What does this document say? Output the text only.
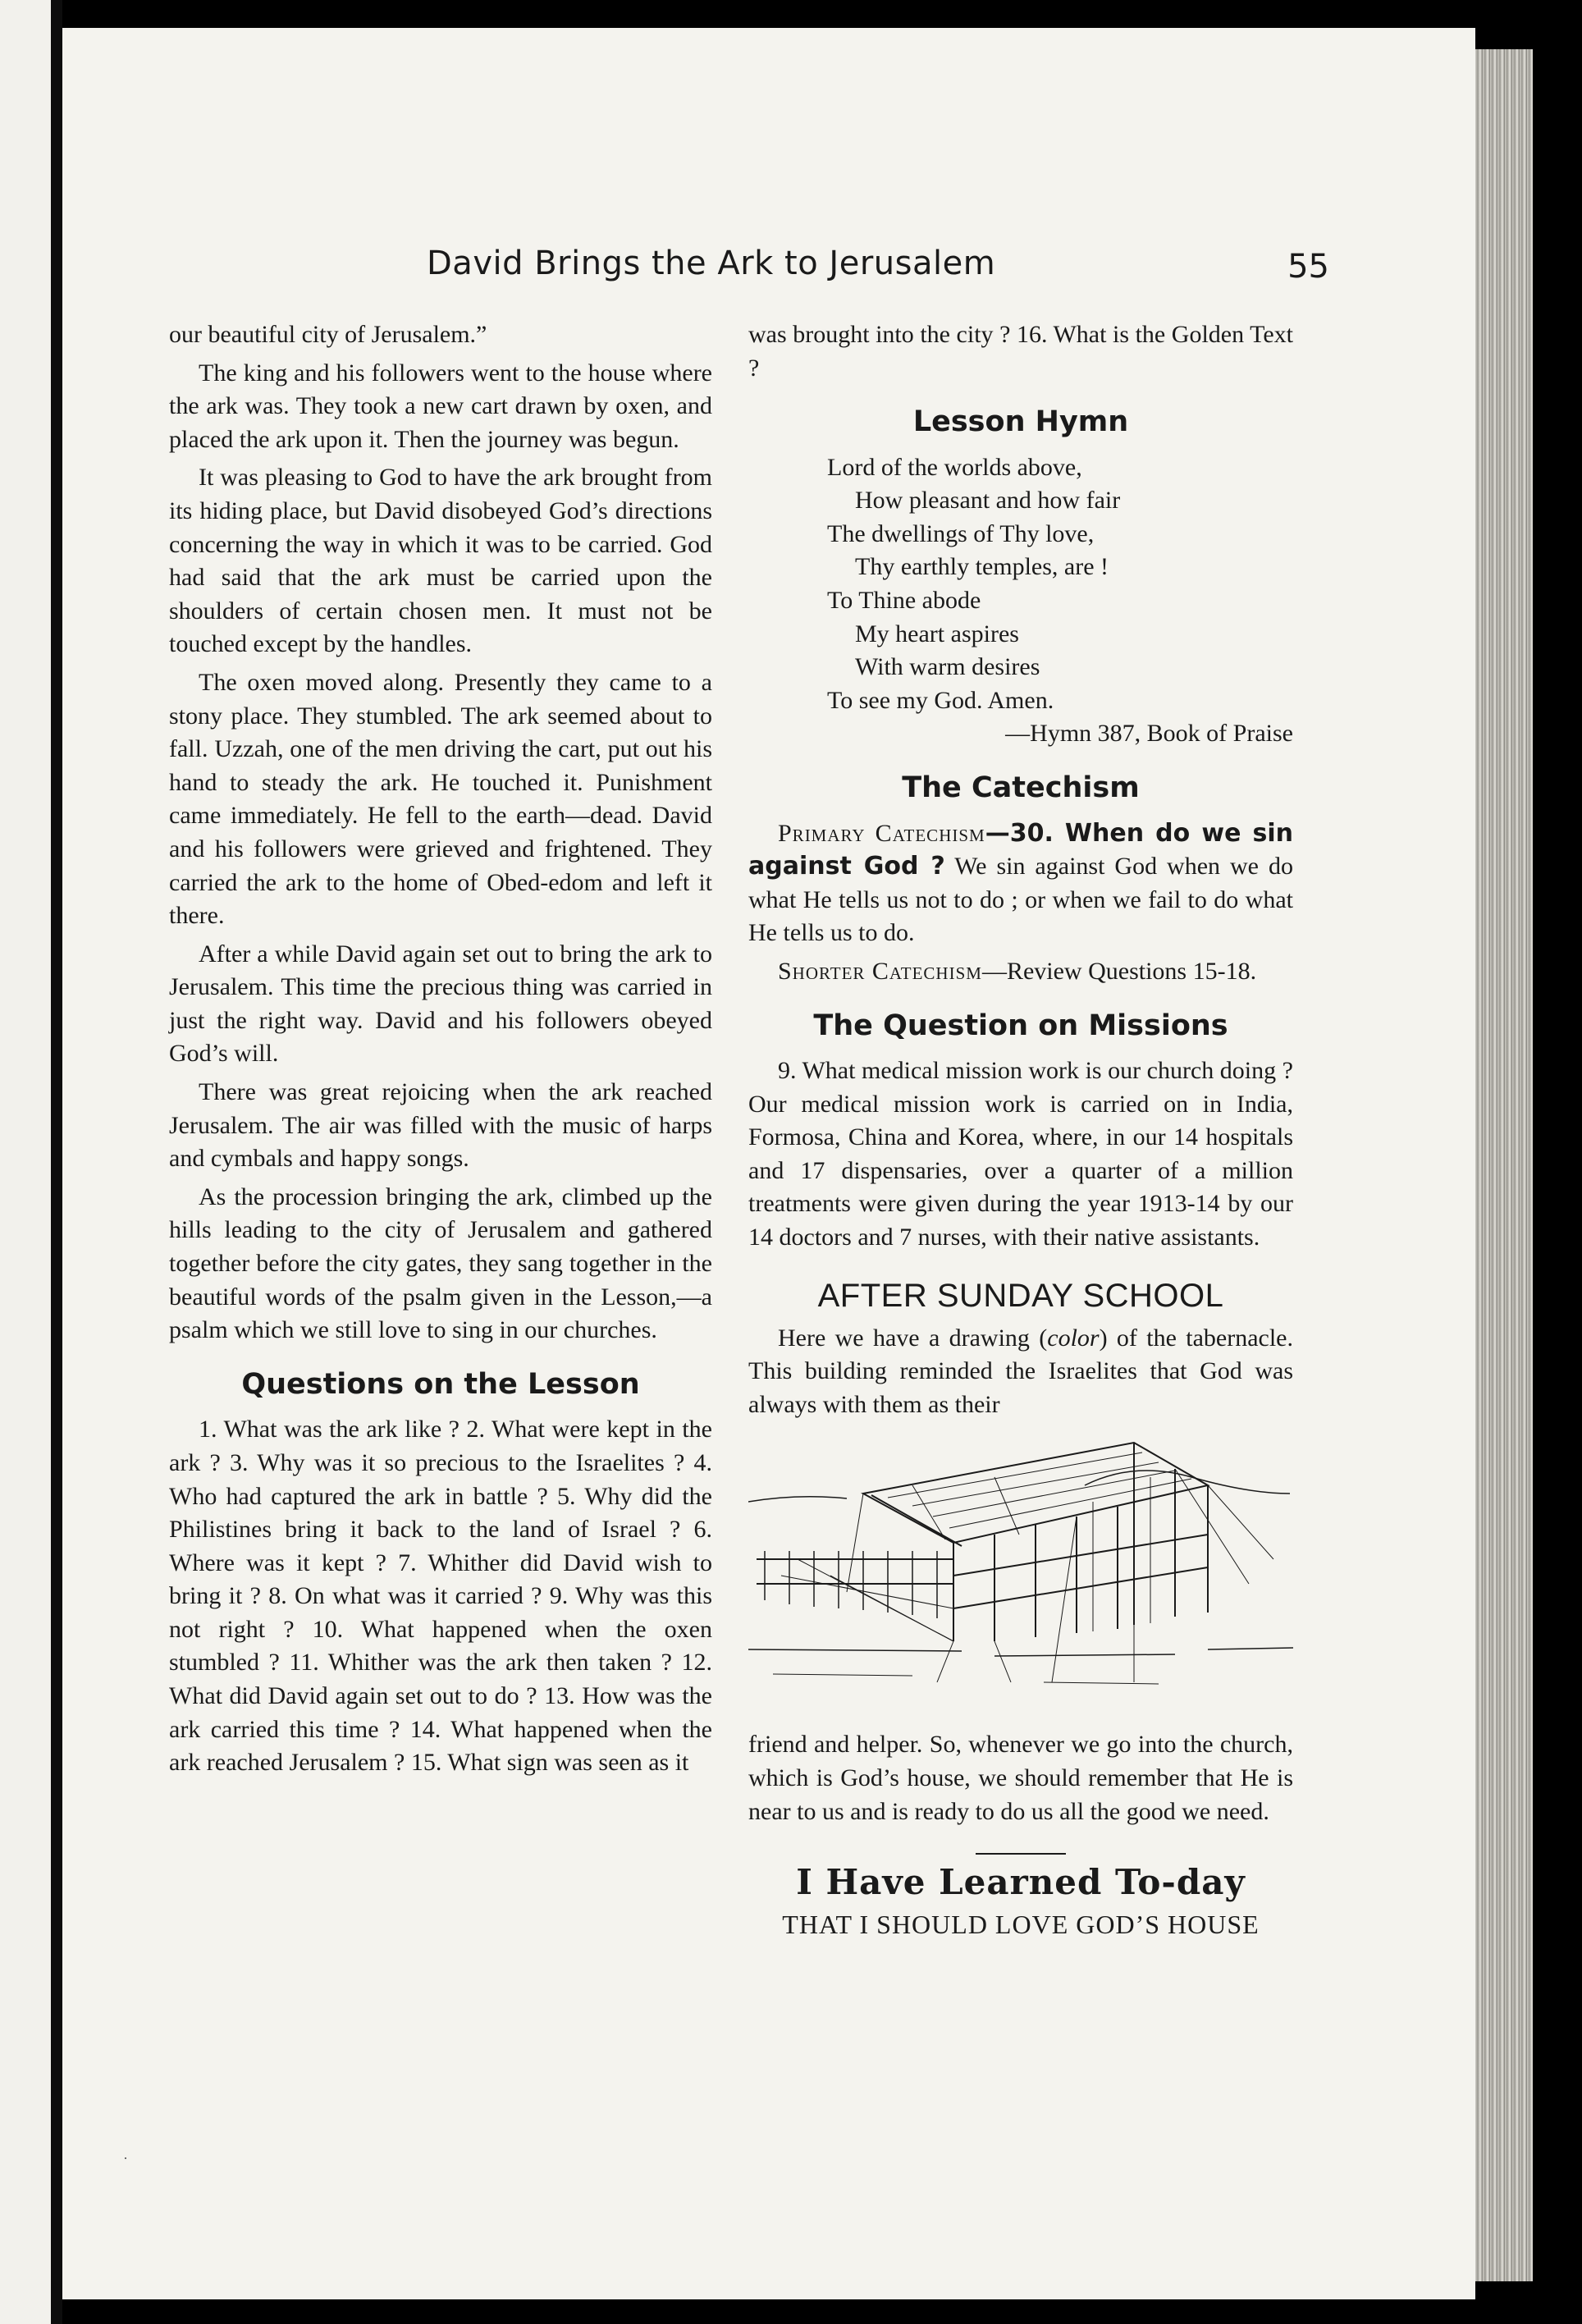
David Brings the Ark to Jerusalem	55

our beautiful city of Jerusalem.”

The king and his followers went to the house where the ark was. They took a new cart drawn by oxen, and placed the ark upon it. Then the journey was begun.

It was pleasing to God to have the ark brought from its hiding place, but David disobeyed God’s directions concerning the way in which it was to be carried. God had said that the ark must be carried upon the shoulders of certain chosen men. It must not be touched except by the handles.

The oxen moved along. Presently they came to a stony place. They stumbled. The ark seemed about to fall. Uzzah, one of the men driving the cart, put out his hand to steady the ark. He touched it. Punishment came immediately. He fell to the earth—dead. David and his followers were grieved and frightened. They carried the ark to the home of Obed-edom and left it there.

After a while David again set out to bring the ark to Jerusalem. This time the precious thing was carried in just the right way. David and his followers obeyed God’s will.

There was great rejoicing when the ark reached Jerusalem. The air was filled with the music of harps and cymbals and happy songs.

As the procession bringing the ark, climbed up the hills leading to the city of Jerusalem and gathered together before the city gates, they sang together in the beautiful words of the psalm given in the Lesson,—a psalm which we still love to sing in our churches.

Questions on the Lesson

1. What was the ark like ? 2. What were kept in the ark ? 3. Why was it so precious to the Israelites ? 4. Who had captured the ark in battle ? 5. Why did the Philistines bring it back to the land of Israel ? 6. Where was it kept ? 7. Whither did David wish to bring it ? 8. On what was it carried ? 9. Why was this not right ? 10. What happened when the oxen stumbled ? 11. Whither was the ark then taken ? 12. What did David again set out to do ? 13. How was the ark carried this time ? 14. What happened when the ark reached Jerusalem ? 15. What sign was seen as it

was brought into the city ? 16. What is the Golden Text ?

Lesson Hymn
Lord of the worlds above,
How pleasant and how fair
The dwellings of Thy love,
Thy earthly temples, are !
To Thine abode
My heart aspires
With warm desires
To see my God. Amen.
—Hymn 387, Book of Praise
The Catechism

Primary Catechism—30. When do we sin against God ? We sin against God when we do what He tells us not to do ; or when we fail to do what He tells us to do.

Shorter Catechism—Review Questions 15-18.

The Question on Missions

9. What medical mission work is our church doing ? Our medical mission work is carried on in India, Formosa, China and Korea, where, in our 14 hospitals and 17 dispensaries, over a quarter of a million treatments were given during the year 1913-14 by our 14 doctors and 7 nurses, with their native assistants.

AFTER SUNDAY SCHOOL

Here we have a drawing (color) of the tabernacle. This building reminded the Israelites that God was always with them as their

friend and helper. So, whenever we go into the church, which is God’s house, we should remember that He is near to us and is ready to do us all the good we need.

I Have Learned To-day
THAT I SHOULD LOVE GOD’S HOUSE
·
